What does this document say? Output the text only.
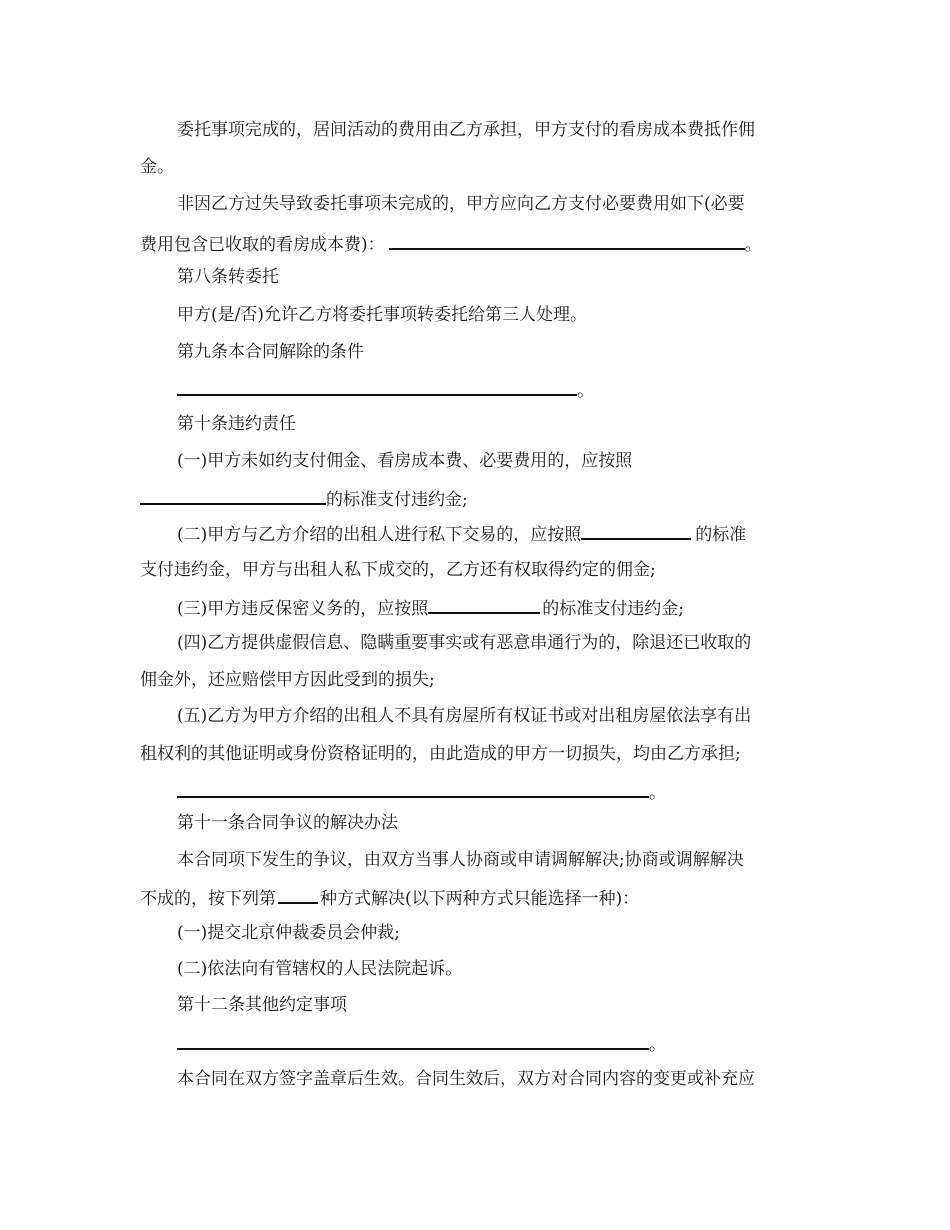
委托事项完成的，居间活动的费用由乙方承担，甲方支付的看房成本费抵作佣
金。
非因乙方过失导致委托事项未完成的，甲方应向乙方支付必要费用如下(必要
费用包含已收取的看房成本费)：	。
第八条转委托
甲方(是/否)允许乙方将委托事项转委托给第三人处理。
第九条本合同解除的条件
。
第十条违约责任
(一)甲方未如约支付佣金、看房成本费、必要费用的，应按照
的标准支付违约金;
(二)甲方与乙方介绍的出租人进行私下交易的，应按照	的标准
支付违约金，甲方与出租人私下成交的，乙方还有权取得约定的佣金;
(三)甲方违反保密义务的，应按照	的标准支付违约金;
(四)乙方提供虚假信息、隐瞒重要事实或有恶意串通行为的，除退还已收取的
佣金外，还应赔偿甲方因此受到的损失;
(五)乙方为甲方介绍的出租人不具有房屋所有权证书或对出租房屋依法享有出
租权利的其他证明或身份资格证明的，由此造成的甲方一切损失，均由乙方承担;
。
第十一条合同争议的解决办法
本合同项下发生的争议，由双方当事人协商或申请调解解决;协商或调解解决
不成的，按下列第	种方式解决(以下两种方式只能选择一种)：
(一)提交北京仲裁委员会仲裁;
(二)依法向有管辖权的人民法院起诉。
第十二条其他约定事项
。
本合同在双方签字盖章后生效。合同生效后，双方对合同内容的变更或补充应
